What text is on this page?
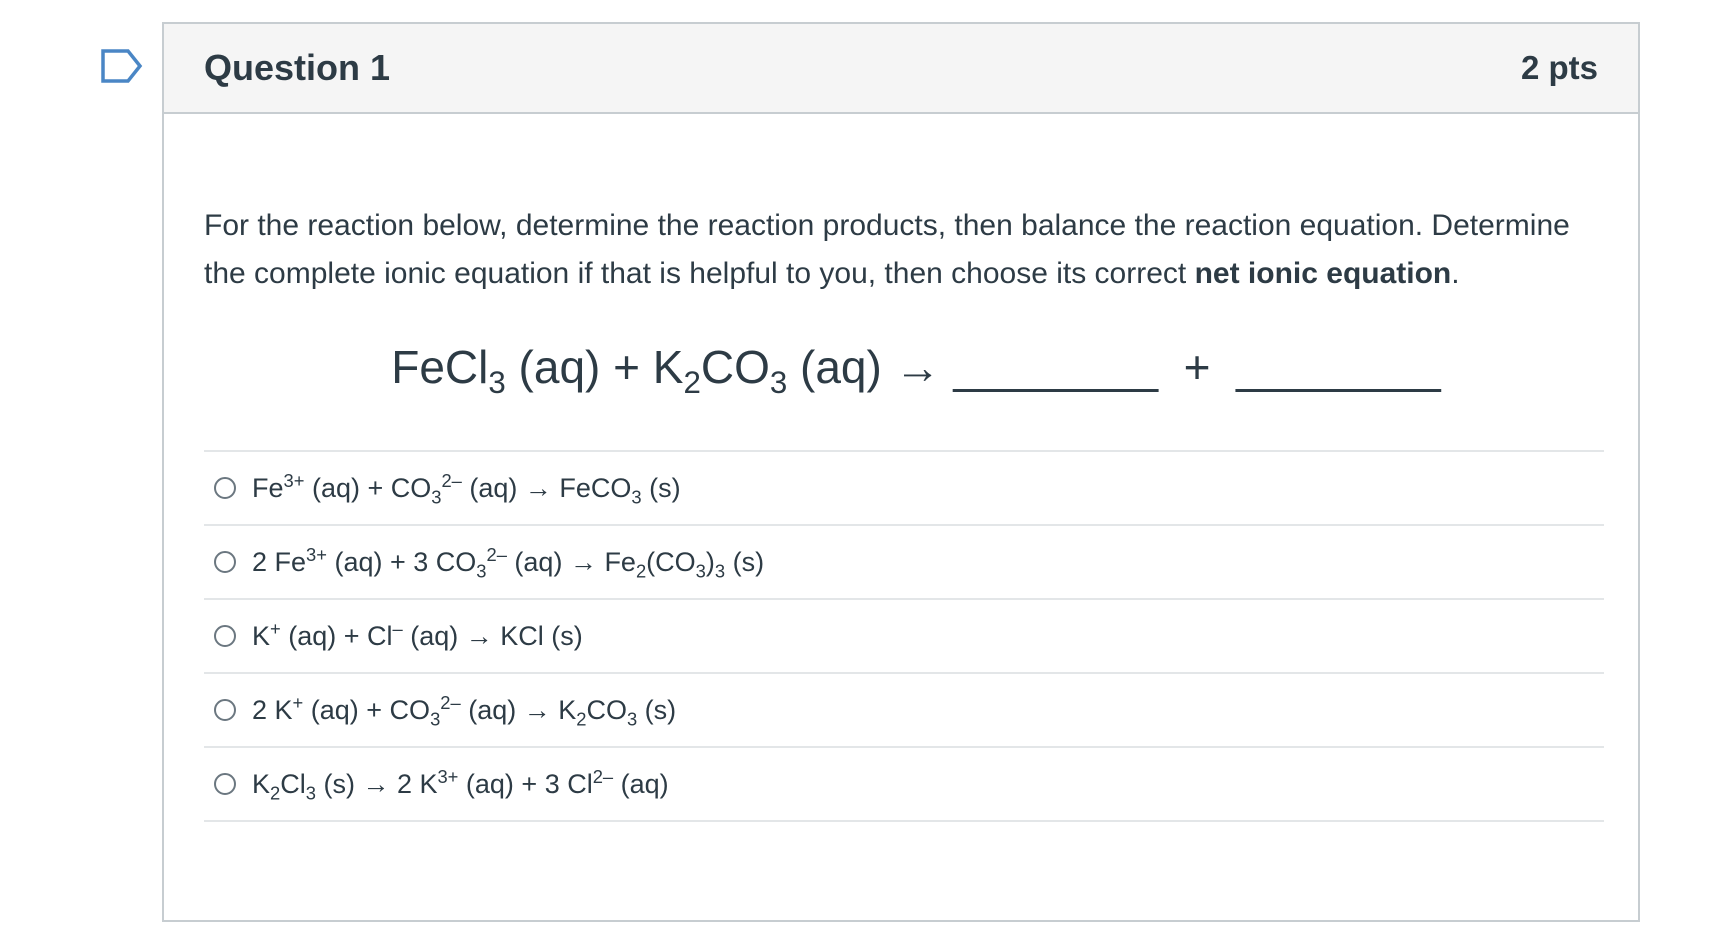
Question 1	2 pts
For the reaction below, determine the reaction products, then balance the reaction equation. Determine the complete ionic equation if that is helpful to you, then choose its correct net ionic equation.
FeCl$_3$ $(aq) + K_2CO_3$ (aq) → ________ + ________
$Fe^{3+}$ $(aq) + CO_3^{2-}$ (aq) → FeCO$_3$ (s)
2 $Fe^{3+}$ (aq) + 3 $CO_3^{2-}$ $(aq) \to Fe_2(CO_3)_3$ (s)
K+ (aq) + Cl– (aq) → KCl (s)
2 K+ $(aq) + CO_3^{2-}$ $(aq) \to K_2CO_3$ (s)
$K_2Cl_3$ (s) → 2 $K^{3+}$ (aq) + 3 $Cl^{2-}$ (aq)
